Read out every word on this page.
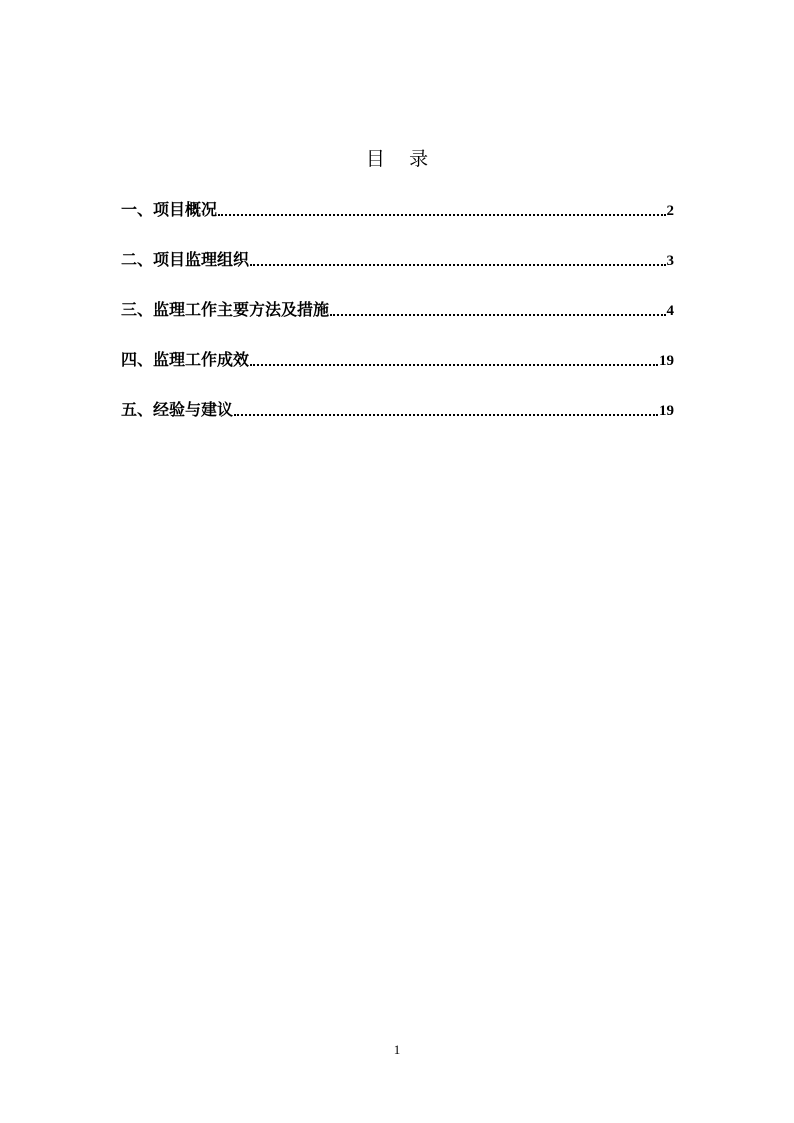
目    录
一、项目概况	2
二、项目监理组织	3
三、监理工作主要方法及措施	4
四、监理工作成效	19
五、经验与建议	19
1
